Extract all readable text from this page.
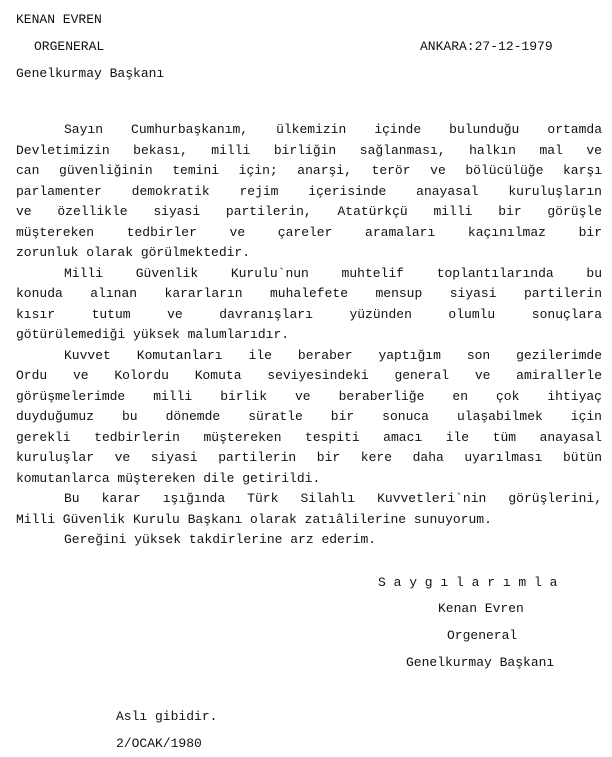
KENAN EVREN
ORGENERAL	ANKARA:27-12-1979
Genelkurmay Başkanı
Sayın Cumhurbaşkanım, ülkemizin içinde bulunduğu ortamda
Devletimizin bekası, milli birliğin sağlanması, halkın mal ve
can güvenliğinin temini için; anarşi, terör ve bölücülüğe karşı
parlamenter demokratik rejim içerisinde anayasal kuruluşların
ve özellikle siyasi partilerin, Atatürkçü milli bir görüşle
müştereken tedbirler ve çareler aramaları kaçınılmaz bir
zorunluk olarak görülmektedir.
Milli Güvenlik Kurulu`nun muhtelif toplantılarında bu
konuda alınan kararların muhalefete mensup siyasi partilerin
kısır tutum ve davranışları yüzünden olumlu sonuçlara
götürülemediği yüksek malumlarıdır.
Kuvvet Komutanları ile beraber yaptığım son gezilerimde
Ordu ve Kolordu Komuta seviyesindeki general ve amirallerle
görüşmelerimde milli birlik ve beraberliğe en çok ihtiyaç
duyduğumuz bu dönemde süratle bir sonuca ulaşabilmek için
gerekli tedbirlerin müştereken tespiti amacı ile tüm anayasal
kuruluşlar ve siyasi partilerin bir kere daha uyarılması bütün
komutanlarca müştereken dile getirildi.
Bu karar ışığında Türk Silahlı Kuvvetleri`nin görüşlerini,
Milli Güvenlik Kurulu Başkanı olarak zatıâlilerine sunuyorum.
Gereğini yüksek takdirlerine arz ederim.
S a y g ı l a r ı m l a
Kenan Evren
Orgeneral
Genelkurmay Başkanı
Aslı gibidir.
2/OCAK/1980
